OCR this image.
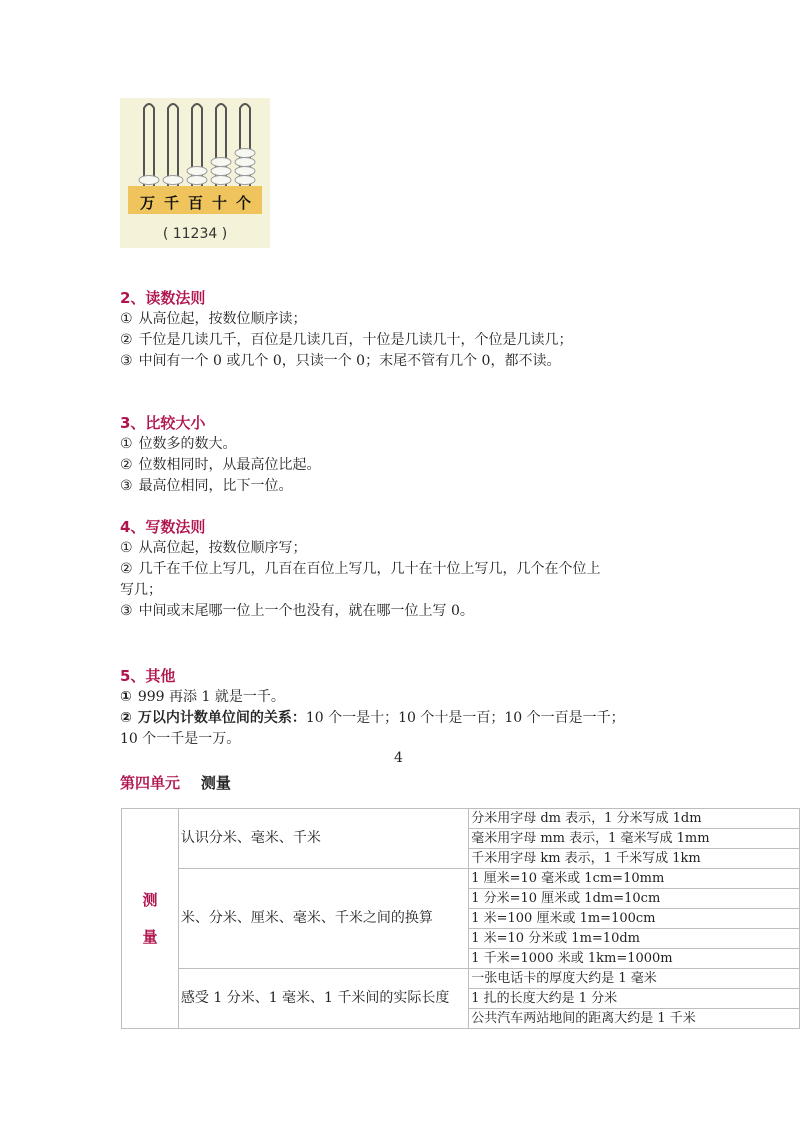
万 千 百 十 个
( 11234 )
2、读数法则
① 从高位起，按数位顺序读；
② 千位是几读几千，百位是几读几百，十位是几读几十，个位是几读几；
③ 中间有一个 0 或几个 0，只读一个 0；末尾不管有几个 0，都不读。
3、比较大小
① 位数多的数大。
② 位数相同时，从最高位比起。
③ 最高位相同，比下一位。
4、写数法则
① 从高位起，按数位顺序写；
② 几千在千位上写几，几百在百位上写几，几十在十位上写几，几个在个位上
写几；
③ 中间或末尾哪一位上一个也没有，就在哪一位上写 0。
5、其他
① 999 再添 1 就是一千。
② 万以内计数单位间的关系：10 个一是十；10 个十是一百；10 个一百是一千；
10 个一千是一万。
4
第四单元 测量
测
量	认识分米、毫米、千米	分米用字母 dm 表示，1 分米写成 1dm
		毫米用字母 mm 表示，1 毫米写成 1mm
		千米用字母 km 表示，1 千米写成 1km
	米、分米、厘米、毫米、千米之间的换算	1 厘米=10 毫米或 1cm=10mm
		1 分米=10 厘米或 1dm=10cm
		1 米=100 厘米或 1m=100cm
		1 米=10 分米或 1m=10dm
		1 千米=1000 米或 1km=1000m
	感受 1 分米、1 毫米、1 千米间的实际长度	一张电话卡的厚度大约是 1 毫米
		1 扎的长度大约是 1 分米
		公共汽车两站地间的距离大约是 1 千米
